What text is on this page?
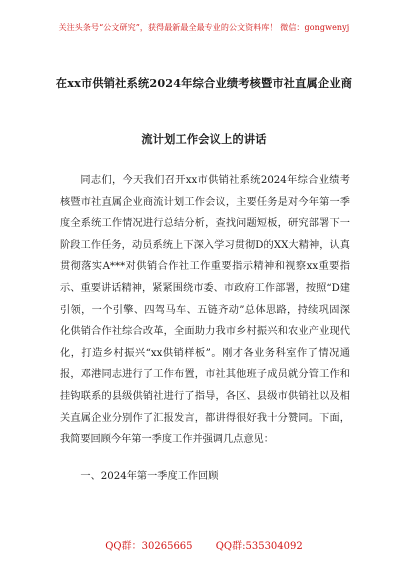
关注头条号“公文研究”，获得最新最全最专业的公文资料库！ 微信：gongwenyj
在xx市供销社系统2024年综合业绩考核暨市社直属企业商
流计划工作会议上的讲话

同志们，今天我们召开xx市供销社系统2024年综合业绩考核暨市社直属企业商流计划工作会议，主要任务是对今年第一季度全系统工作情况进行总结分析，查找问题短板，研究部署下一阶段工作任务，动员系统上下深入学习贯彻D的XX大精神，认真贯彻落实A***对供销合作社工作重要指示精神和视察xx重要指示、重要讲话精神，紧紧围绕市委、市政府工作部署，按照“D建引领，一个引擎、四驾马车、五链齐动”总体思路，持续巩固深化供销合作社综合改革，全面助力我市乡村振兴和农业产业现代化，打造乡村振兴“xx供销样板”。刚才各业务科室作了情况通报，邓港同志进行了工作布置，市社其他班子成员就分管工作和挂钩联系的县级供销社进行了指导，各区、县级市供销社以及相关直属企业分别作了汇报发言，都讲得很好我十分赞同。下面，我简要回顾今年第一季度工作并强调几点意见：

一、2024年第一季度工作回顾
QQ群：30265665 QQ群:535304092
